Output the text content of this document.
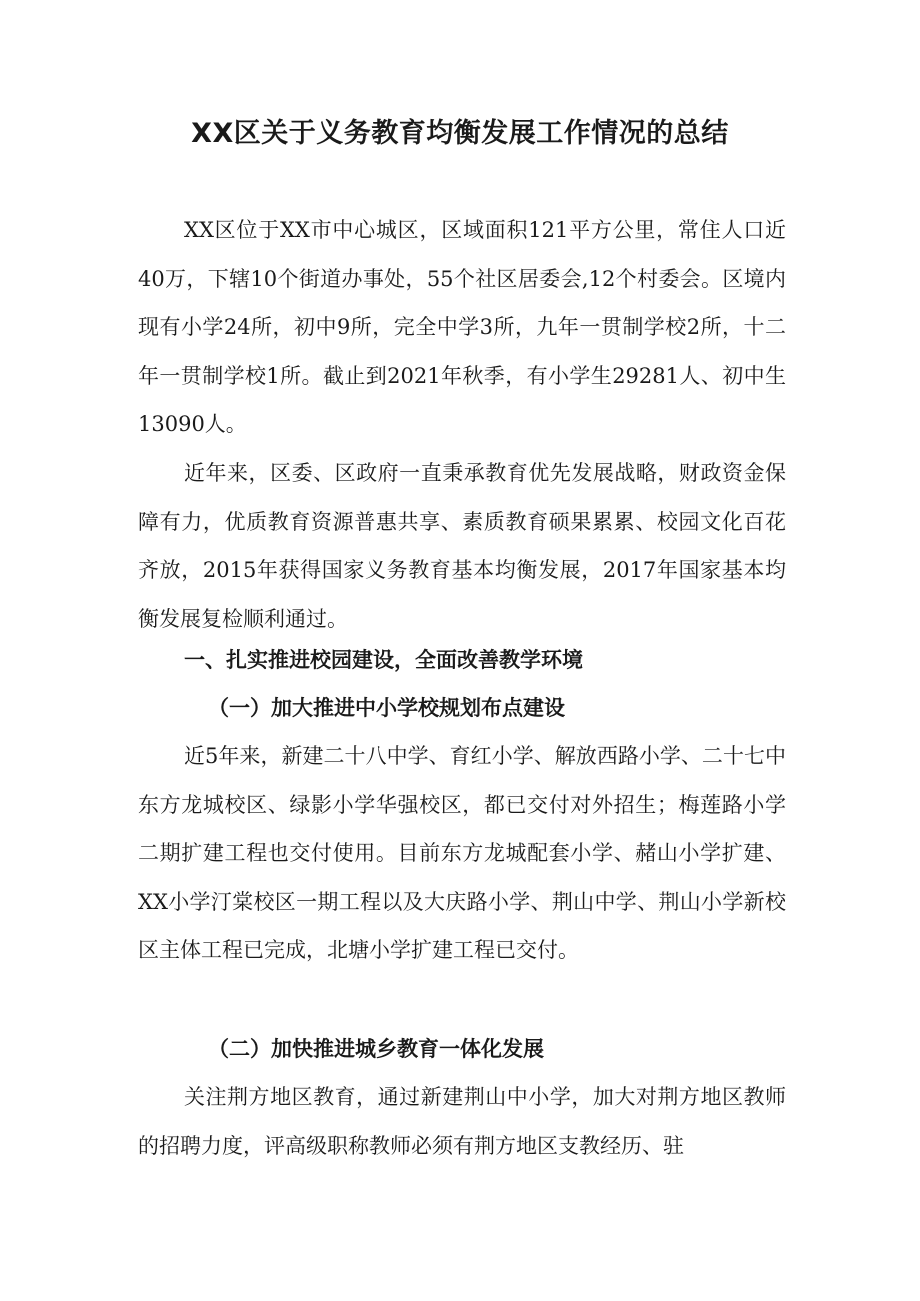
XX区关于义务教育均衡发展工作情况的总结

XX区位于XX市中心城区，区域面积121平方公里，常住人口近40万，下辖10个街道办事处，55个社区居委会,12个村委会。区境内现有小学24所，初中9所，完全中学3所，九年一贯制学校2所，十二年一贯制学校1所。截止到2021年秋季，有小学生29281人、初中生13090人。

近年来，区委、区政府一直秉承教育优先发展战略，财政资金保障有力，优质教育资源普惠共享、素质教育硕果累累、校园文化百花齐放，2015年获得国家义务教育基本均衡发展，2017年国家基本均衡发展复检顺利通过。

一、扎实推进校园建设，全面改善教学环境
（一）加大推进中小学校规划布点建设

近5年来，新建二十八中学、育红小学、解放西路小学、二十七中东方龙城校区、绿影小学华强校区，都已交付对外招生；梅莲路小学二期扩建工程也交付使用。目前东方龙城配套小学、赭山小学扩建、XX小学汀棠校区一期工程以及大庆路小学、荆山中学、荆山小学新校区主体工程已完成，北塘小学扩建工程已交付。

（二）加快推进城乡教育一体化发展

关注荆方地区教育，通过新建荆山中小学，加大对荆方地区教师的招聘力度，评高级职称教师必须有荆方地区支教经历、驻
